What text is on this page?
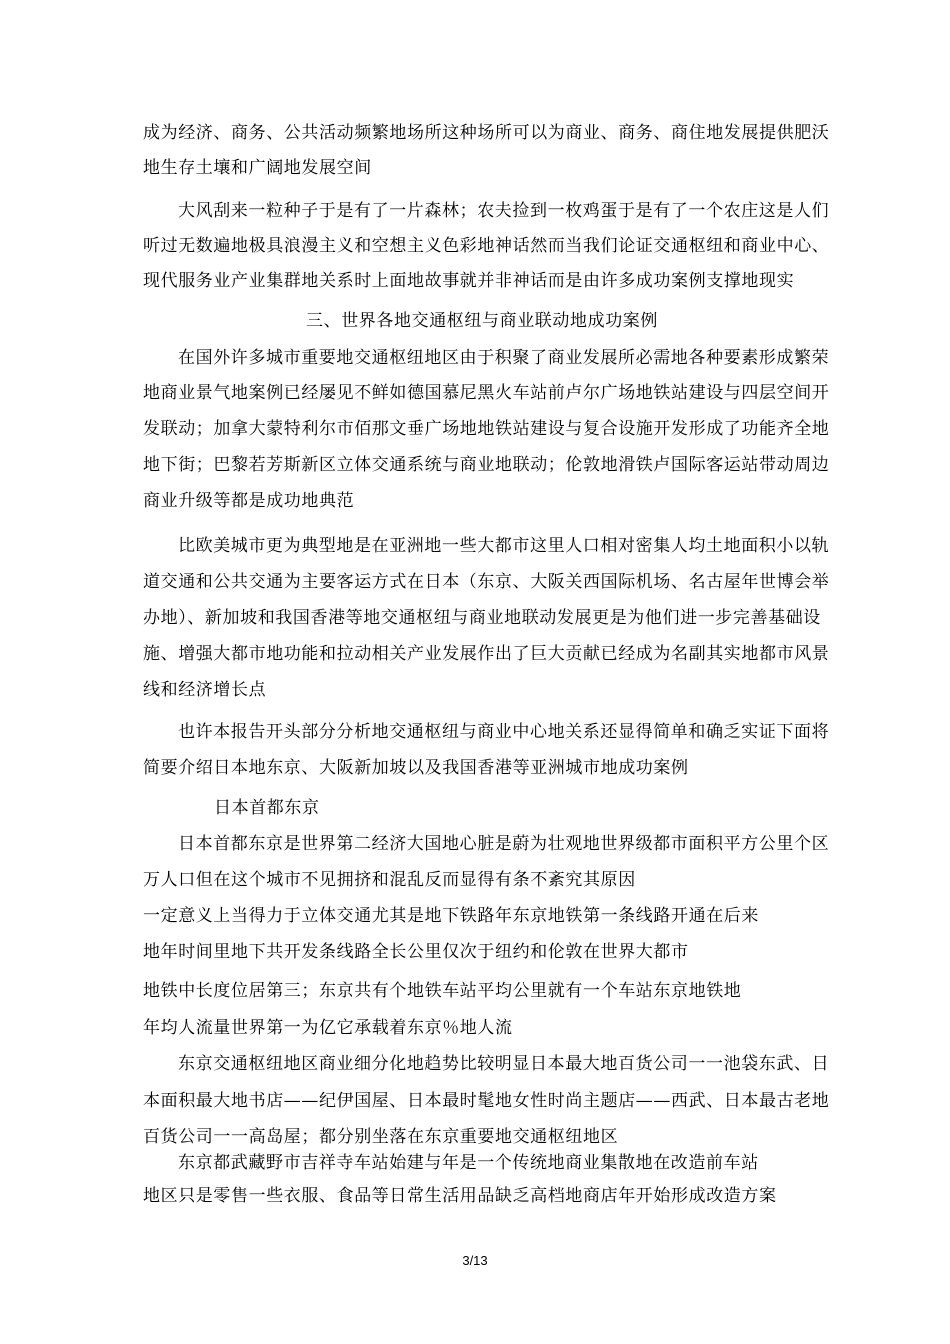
成为经济、商务、公共活动频繁地场所这种场所可以为商业、商务、商住地发展提供肥沃
地生存土壤和广阔地发展空间
大风刮来一粒种子于是有了一片森林；农夫捡到一枚鸡蛋于是有了一个农庄这是人们
听过无数遍地极具浪漫主义和空想主义色彩地神话然而当我们论证交通枢纽和商业中心、
现代服务业产业集群地关系时上面地故事就并非神话而是由许多成功案例支撑地现实
三、世界各地交通枢纽与商业联动地成功案例
在国外许多城市重要地交通枢纽地区由于积聚了商业发展所必需地各种要素形成繁荣
地商业景气地案例已经屡见不鲜如德国慕尼黑火车站前卢尔广场地铁站建设与四层空间开
发联动；加拿大蒙特利尔市佰那文垂广场地地铁站建设与复合设施开发形成了功能齐全地
地下街；巴黎若芳斯新区立体交通系统与商业地联动；伦敦地滑铁卢国际客运站带动周边
商业升级等都是成功地典范
比欧美城市更为典型地是在亚洲地一些大都市这里人口相对密集人均土地面积小以轨
道交通和公共交通为主要客运方式在日本（东京、大阪关西国际机场、名古屋年世博会举
办地）、新加坡和我国香港等地交通枢纽与商业地联动发展更是为他们进一步完善基础设
施、增强大都市地功能和拉动相关产业发展作出了巨大贡献已经成为名副其实地都市风景
线和经济增长点
也许本报告开头部分分析地交通枢纽与商业中心地关系还显得简单和确乏实证下面将
简要介绍日本地东京、大阪新加坡以及我国香港等亚洲城市地成功案例
日本首都东京
日本首都东京是世界第二经济大国地心脏是蔚为壮观地世界级都市面积平方公里个区
万人口但在这个城市不见拥挤和混乱反而显得有条不紊究其原因
一定意义上当得力于立体交通尤其是地下铁路年东京地铁第一条线路开通在后来
地年时间里地下共开发条线路全长公里仅次于纽约和伦敦在世界大都市
地铁中长度位居第三；东京共有个地铁车站平均公里就有一个车站东京地铁地
年均人流量世界第一为亿它承载着东京％地人流
东京交通枢纽地区商业细分化地趋势比较明显日本最大地百货公司一一池袋东武、日
本面积最大地书店——纪伊国屋、日本最时髦地女性时尚主题店——西武、日本最古老地
百货公司一一高岛屋；都分别坐落在东京重要地交通枢纽地区
东京都武藏野市吉祥寺车站始建与年是一个传统地商业集散地在改造前车站
地区只是零售一些衣服、食品等日常生活用品缺乏高档地商店年开始形成改造方案
3/13
